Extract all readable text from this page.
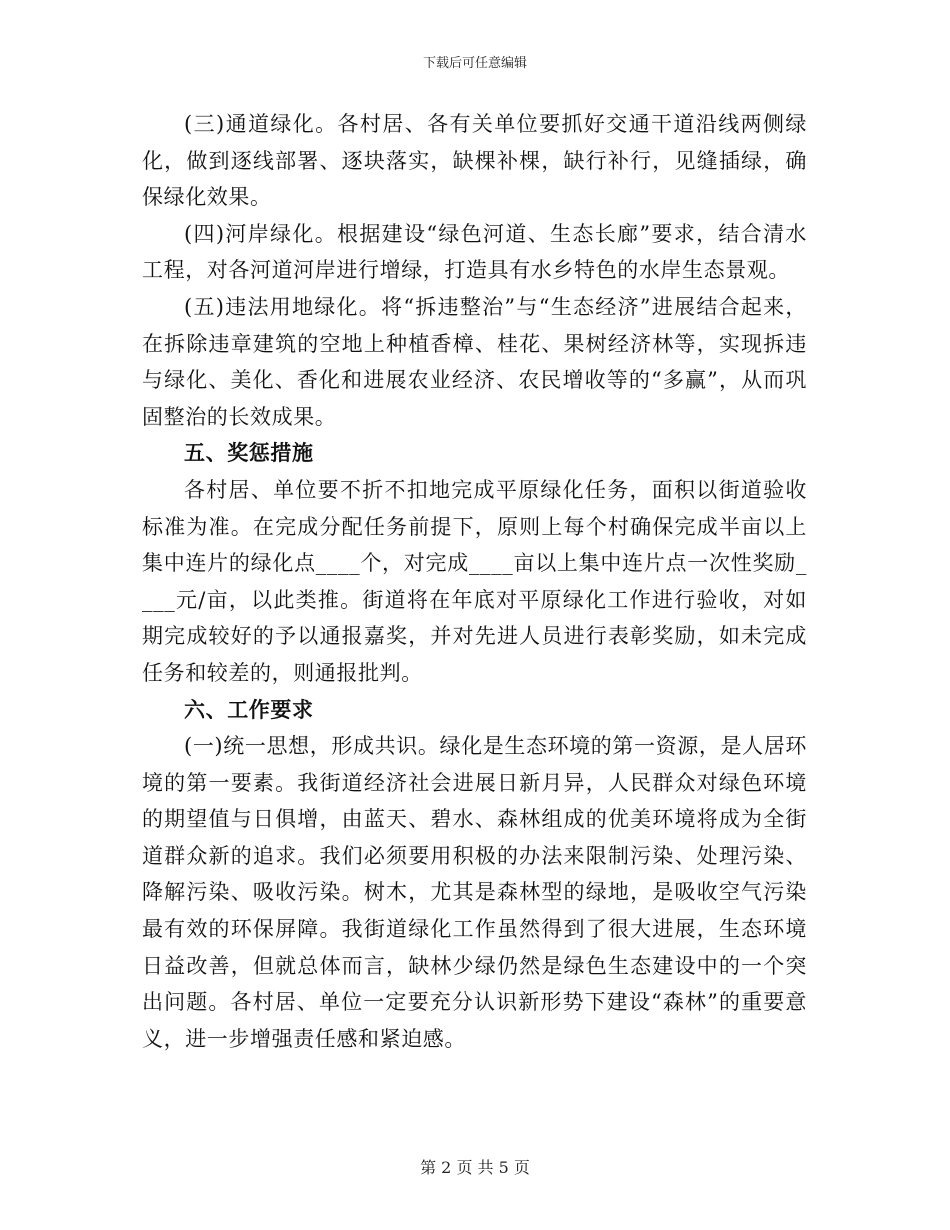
下载后可任意编辑

(三)通道绿化。各村居、各有关单位要抓好交通干道沿线两侧绿化，做到逐线部署、逐块落实，缺棵补棵，缺行补行，见缝插绿，确保绿化效果。

(四)河岸绿化。根据建设“绿色河道、生态长廊”要求，结合清水工程，对各河道河岸进行增绿，打造具有水乡特色的水岸生态景观。

(五)违法用地绿化。将“拆违整治”与“生态经济”进展结合起来，在拆除违章建筑的空地上种植香樟、桂花、果树经济林等，实现拆违与绿化、美化、香化和进展农业经济、农民增收等的“多赢”，从而巩固整治的长效成果。

五、奖惩措施

各村居、单位要不折不扣地完成平原绿化任务，面积以街道验收标准为准。在完成分配任务前提下，原则上每个村确保完成半亩以上集中连片的绿化点____个，对完成____亩以上集中连片点一次性奖励____元/亩，以此类推。街道将在年底对平原绿化工作进行验收，对如期完成较好的予以通报嘉奖，并对先进人员进行表彰奖励，如未完成任务和较差的，则通报批判。

六、工作要求

(一)统一思想，形成共识。绿化是生态环境的第一资源，是人居环境的第一要素。我街道经济社会进展日新月异，人民群众对绿色环境的期望值与日俱增，由蓝天、碧水、森林组成的优美环境将成为全街道群众新的追求。我们必须要用积极的办法来限制污染、处理污染、降解污染、吸收污染。树木，尤其是森林型的绿地，是吸收空气污染最有效的环保屏障。我街道绿化工作虽然得到了很大进展，生态环境日益改善，但就总体而言，缺林少绿仍然是绿色生态建设中的一个突出问题。各村居、单位一定要充分认识新形势下建设“森林”的重要意义，进一步增强责任感和紧迫感。

第 2 页 共 5 页
